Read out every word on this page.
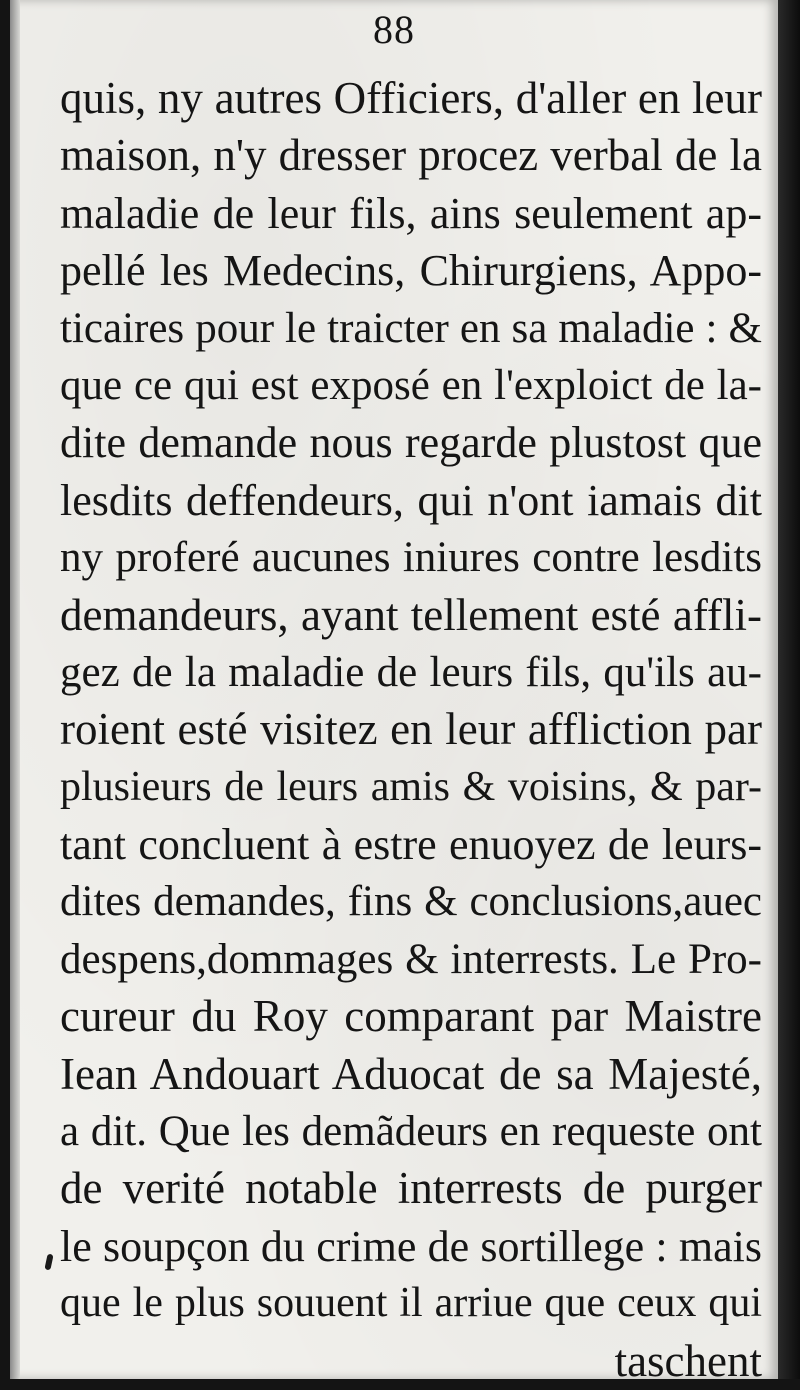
88
quis, ny autres Officiers, d'aller en leur
maison, n'y dresser procez verbal de la
maladie de leur fils, ains seulement ap-
pellé les Medecins, Chirurgiens, Appo-
ticaires pour le traicter en sa maladie : &
que ce qui est exposé en l'exploict de la-
dite demande nous regarde plustost que
lesdits deffendeurs, qui n'ont iamais dit
ny proferé aucunes iniures contre lesdits
demandeurs, ayant tellement esté affli-
gez de la maladie de leurs fils, qu'ils au-
roient esté visitez en leur affliction par
plusieurs de leurs amis & voisins, & par-
tant concluent à estre enuoyez de leurs-
dites demandes, fins & conclusions,auec
despens,dommages & interrests. Le Pro-
cureur du Roy comparant par Maistre
Iean Andouart Aduocat de sa Majesté,
a dit. Que les demãdeurs en requeste ont
de verité notable interrests de purger
le soupçon du crime de sortillege : mais
que le plus souuent il arriue que ceux qui
taschent
